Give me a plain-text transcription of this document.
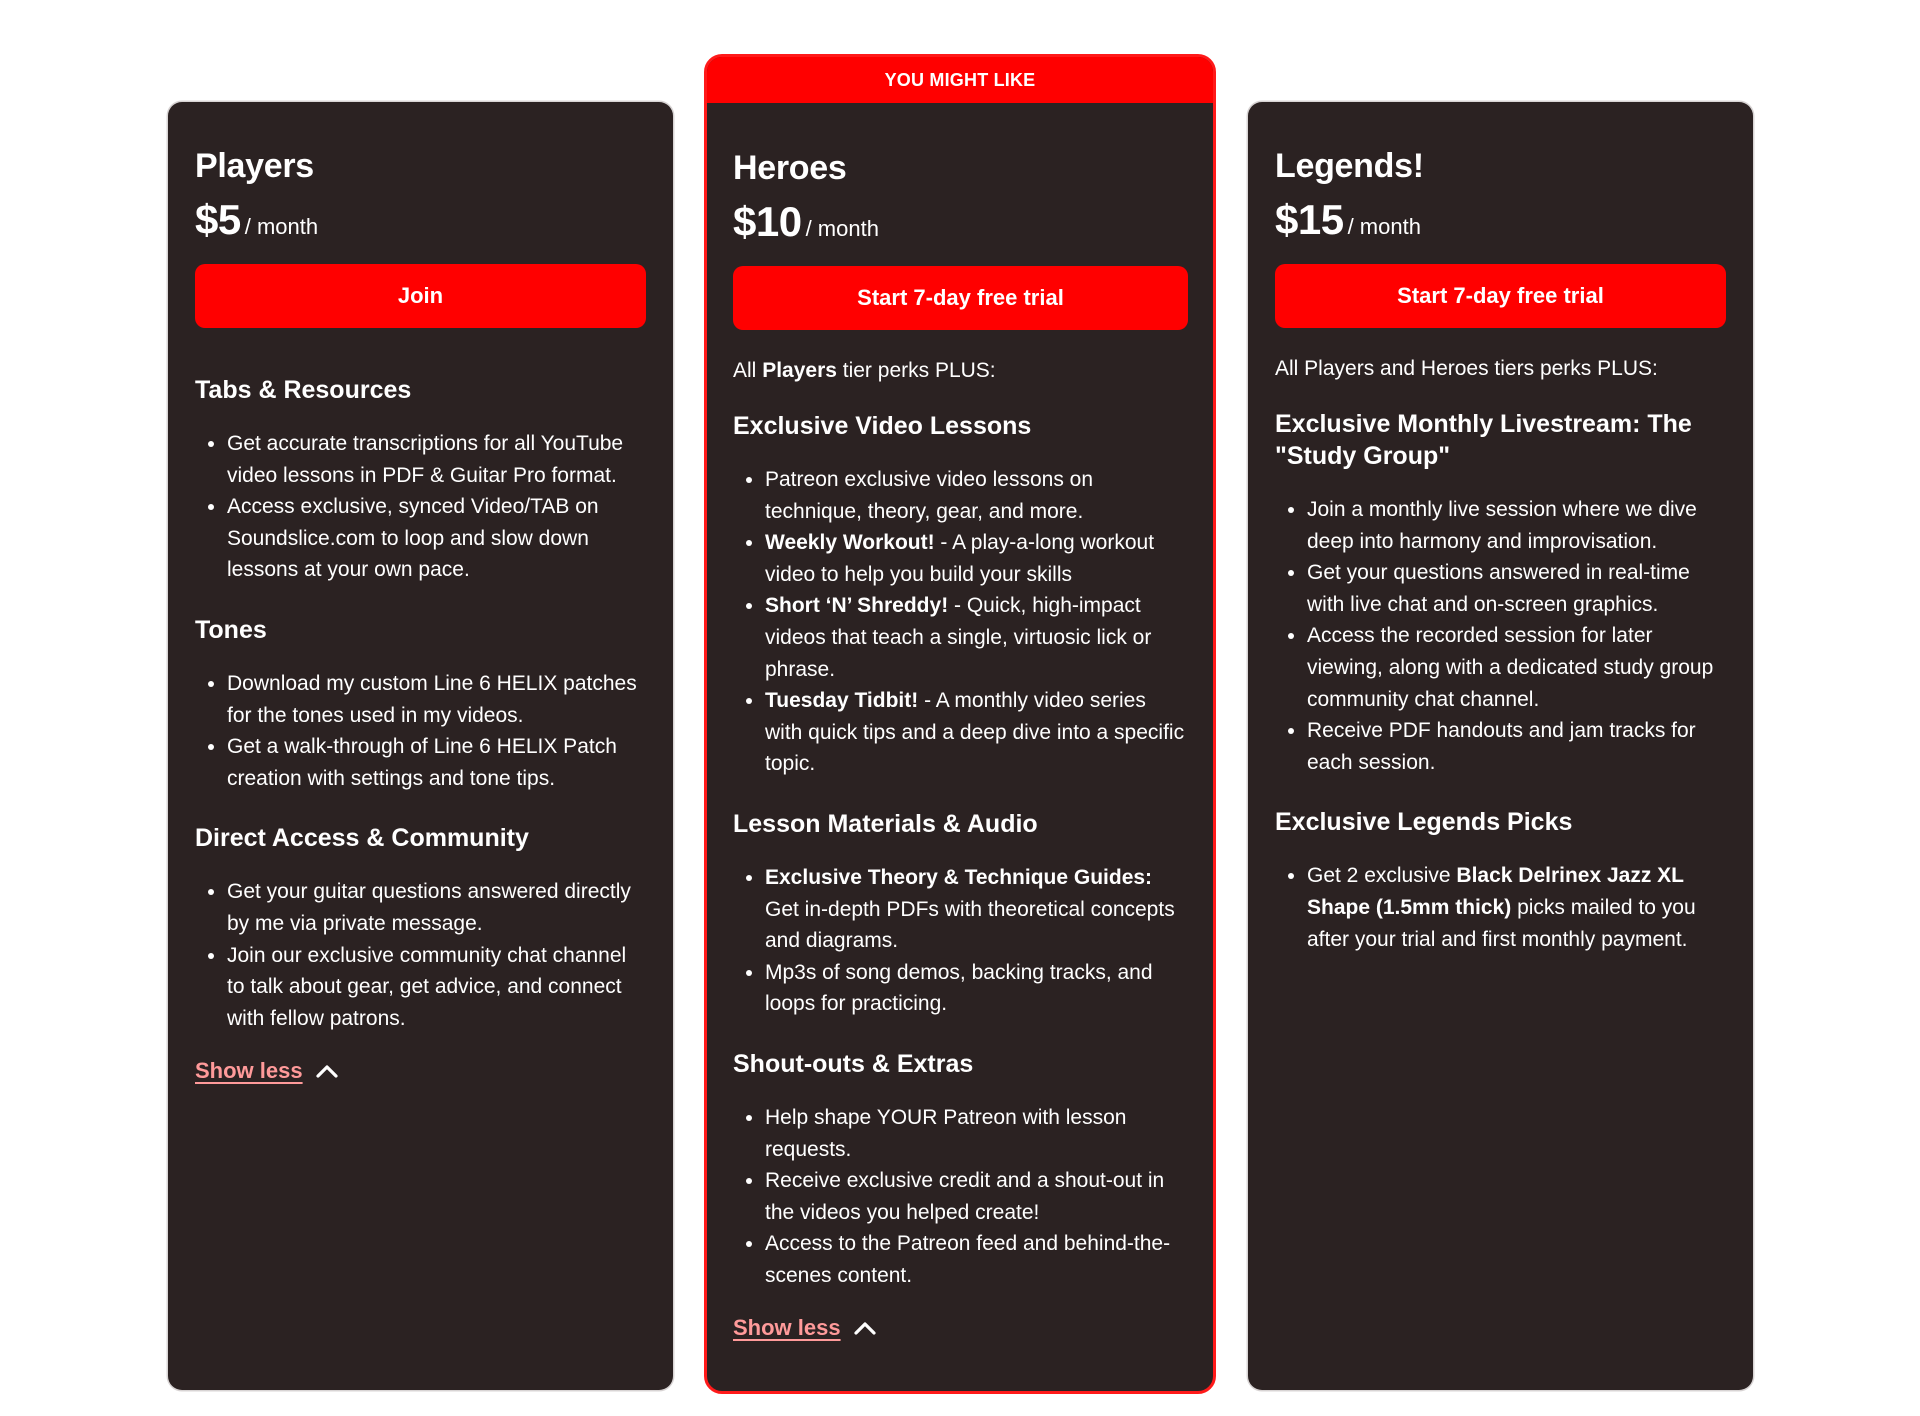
Players
$5 / month
Join
Tabs & Resources
• Get accurate transcriptions for all YouTube video lessons in PDF & Guitar Pro format.
• Access exclusive, synced Video/TAB on Soundslice.com to loop and slow down lessons at your own pace.
Tones
• Download my custom Line 6 HELIX patches for the tones used in my videos.
• Get a walk-through of Line 6 HELIX Patch creation with settings and tone tips.
Direct Access & Community
• Get your guitar questions answered directly by me via private message.
• Join our exclusive community chat channel to talk about gear, get advice, and connect with fellow patrons.
Show less
YOU MIGHT LIKE
Heroes
$10 / month
Start 7-day free trial
All Players tier perks PLUS:
Exclusive Video Lessons
• Patreon exclusive video lessons on technique, theory, gear, and more.
• Weekly Workout! - A play-a-long workout video to help you build your skills
• Short ‘N’ Shreddy! - Quick, high-impact videos that teach a single, virtuosic lick or phrase.
• Tuesday Tidbit! - A monthly video series with quick tips and a deep dive into a specific topic.
Lesson Materials & Audio
• Exclusive Theory & Technique Guides: Get in-depth PDFs with theoretical concepts and diagrams.
• Mp3s of song demos, backing tracks, and loops for practicing.
Shout-outs & Extras
• Help shape YOUR Patreon with lesson requests.
• Receive exclusive credit and a shout-out in the videos you helped create!
• Access to the Patreon feed and behind-the-scenes content.
Show less
Legends!
$15 / month
Start 7-day free trial
All Players and Heroes tiers perks PLUS:
Exclusive Monthly Livestream: The "Study Group"
• Join a monthly live session where we dive deep into harmony and improvisation.
• Get your questions answered in real-time with live chat and on-screen graphics.
• Access the recorded session for later viewing, along with a dedicated study group community chat channel.
• Receive PDF handouts and jam tracks for each session.
Exclusive Legends Picks
• Get 2 exclusive Black Delrinex Jazz XL Shape (1.5mm thick) picks mailed to you after your trial and first monthly payment.
